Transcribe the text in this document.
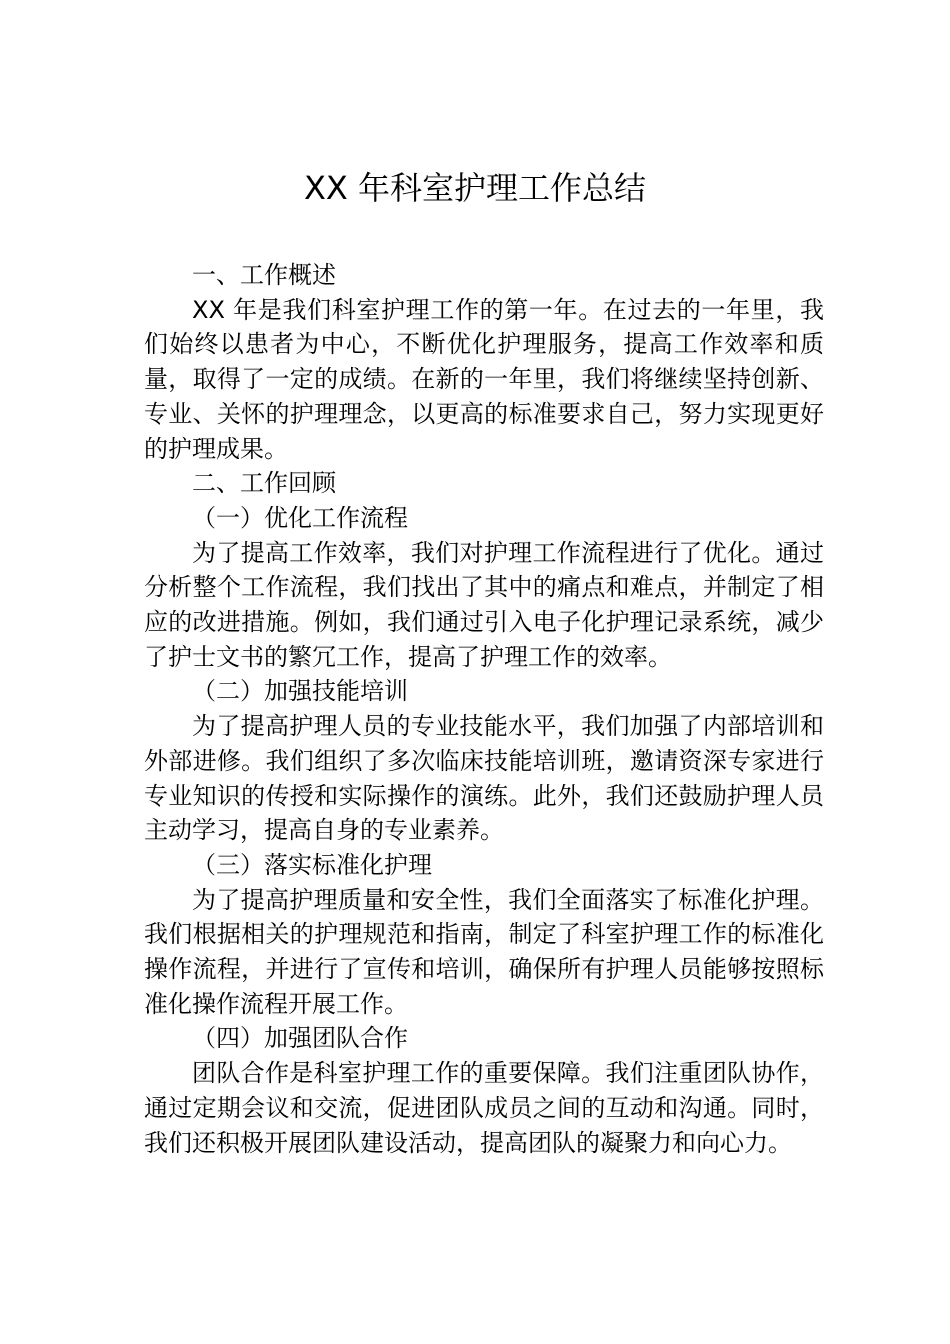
XX 年科室护理工作总结

一、工作概述

XX 年是我们科室护理工作的第一年。在过去的一年里，我们始终以患者为中心，不断优化护理服务，提高工作效率和质量，取得了一定的成绩。在新的一年里，我们将继续坚持创新、专业、关怀的护理理念，以更高的标准要求自己，努力实现更好的护理成果。

二、工作回顾

（一）优化工作流程

为了提高工作效率，我们对护理工作流程进行了优化。通过分析整个工作流程，我们找出了其中的痛点和难点，并制定了相应的改进措施。例如，我们通过引入电子化护理记录系统，减少了护士文书的繁冗工作，提高了护理工作的效率。

（二）加强技能培训

为了提高护理人员的专业技能水平，我们加强了内部培训和外部进修。我们组织了多次临床技能培训班，邀请资深专家进行专业知识的传授和实际操作的演练。此外，我们还鼓励护理人员主动学习，提高自身的专业素养。

（三）落实标准化护理

为了提高护理质量和安全性，我们全面落实了标准化护理。我们根据相关的护理规范和指南，制定了科室护理工作的标准化操作流程，并进行了宣传和培训，确保所有护理人员能够按照标准化操作流程开展工作。

（四）加强团队合作

团队合作是科室护理工作的重要保障。我们注重团队协作，通过定期会议和交流，促进团队成员之间的互动和沟通。同时，我们还积极开展团队建设活动，提高团队的凝聚力和向心力。
